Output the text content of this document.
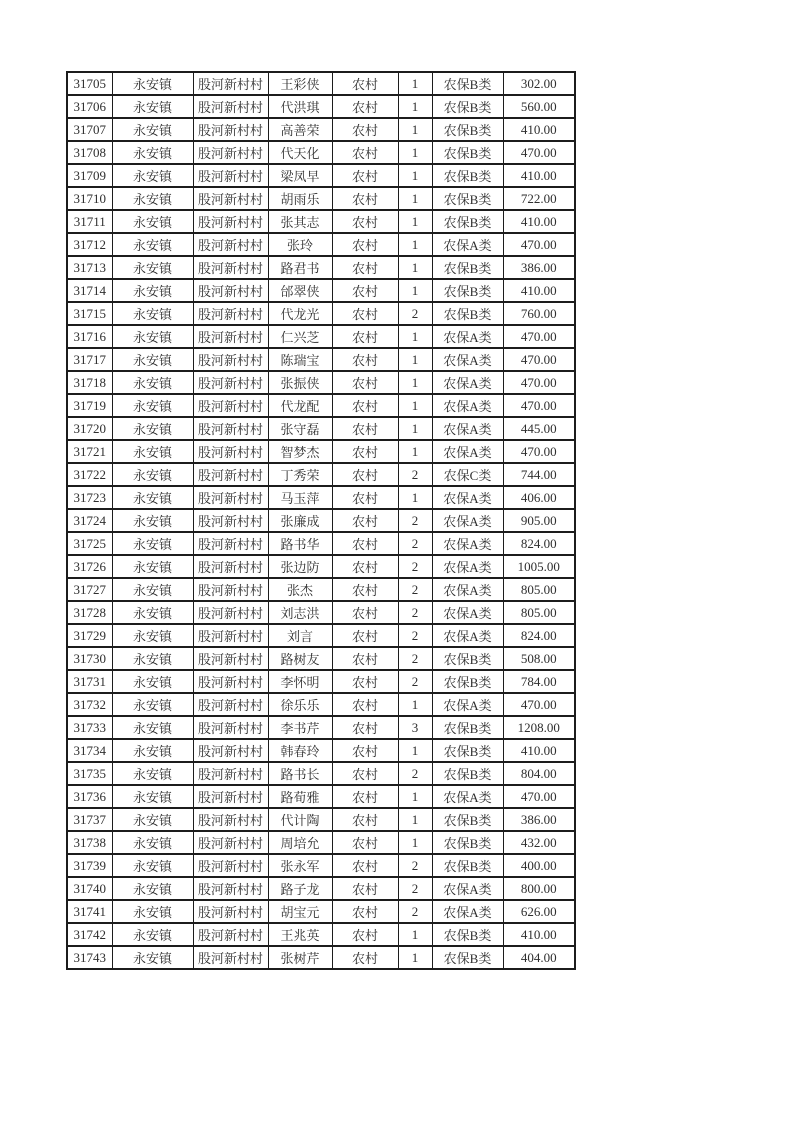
31705	永安镇	股河新村村	王彩侠	农村	1	农保B类	302.00
31706	永安镇	股河新村村	代洪琪	农村	1	农保B类	560.00
31707	永安镇	股河新村村	高善荣	农村	1	农保B类	410.00
31708	永安镇	股河新村村	代天化	农村	1	农保B类	470.00
31709	永安镇	股河新村村	梁凤早	农村	1	农保B类	410.00
31710	永安镇	股河新村村	胡雨乐	农村	1	农保B类	722.00
31711	永安镇	股河新村村	张其志	农村	1	农保B类	410.00
31712	永安镇	股河新村村	张玲	农村	1	农保A类	470.00
31713	永安镇	股河新村村	路君书	农村	1	农保B类	386.00
31714	永安镇	股河新村村	邰翠侠	农村	1	农保B类	410.00
31715	永安镇	股河新村村	代龙光	农村	2	农保B类	760.00
31716	永安镇	股河新村村	仁兴芝	农村	1	农保A类	470.00
31717	永安镇	股河新村村	陈瑞宝	农村	1	农保A类	470.00
31718	永安镇	股河新村村	张振侠	农村	1	农保A类	470.00
31719	永安镇	股河新村村	代龙配	农村	1	农保A类	470.00
31720	永安镇	股河新村村	张守磊	农村	1	农保A类	445.00
31721	永安镇	股河新村村	智梦杰	农村	1	农保A类	470.00
31722	永安镇	股河新村村	丁秀荣	农村	2	农保C类	744.00
31723	永安镇	股河新村村	马玉萍	农村	1	农保A类	406.00
31724	永安镇	股河新村村	张廉成	农村	2	农保A类	905.00
31725	永安镇	股河新村村	路书华	农村	2	农保A类	824.00
31726	永安镇	股河新村村	张边防	农村	2	农保A类	1005.00
31727	永安镇	股河新村村	张杰	农村	2	农保A类	805.00
31728	永安镇	股河新村村	刘志洪	农村	2	农保A类	805.00
31729	永安镇	股河新村村	刘言	农村	2	农保A类	824.00
31730	永安镇	股河新村村	路树友	农村	2	农保B类	508.00
31731	永安镇	股河新村村	李怀明	农村	2	农保B类	784.00
31732	永安镇	股河新村村	徐乐乐	农村	1	农保A类	470.00
31733	永安镇	股河新村村	李书芹	农村	3	农保B类	1208.00
31734	永安镇	股河新村村	韩春玲	农村	1	农保B类	410.00
31735	永安镇	股河新村村	路书长	农村	2	农保B类	804.00
31736	永安镇	股河新村村	路荀雅	农村	1	农保A类	470.00
31737	永安镇	股河新村村	代计陶	农村	1	农保B类	386.00
31738	永安镇	股河新村村	周培允	农村	1	农保B类	432.00
31739	永安镇	股河新村村	张永军	农村	2	农保B类	400.00
31740	永安镇	股河新村村	路子龙	农村	2	农保A类	800.00
31741	永安镇	股河新村村	胡宝元	农村	2	农保A类	626.00
31742	永安镇	股河新村村	王兆英	农村	1	农保B类	410.00
31743	永安镇	股河新村村	张树芹	农村	1	农保B类	404.00
